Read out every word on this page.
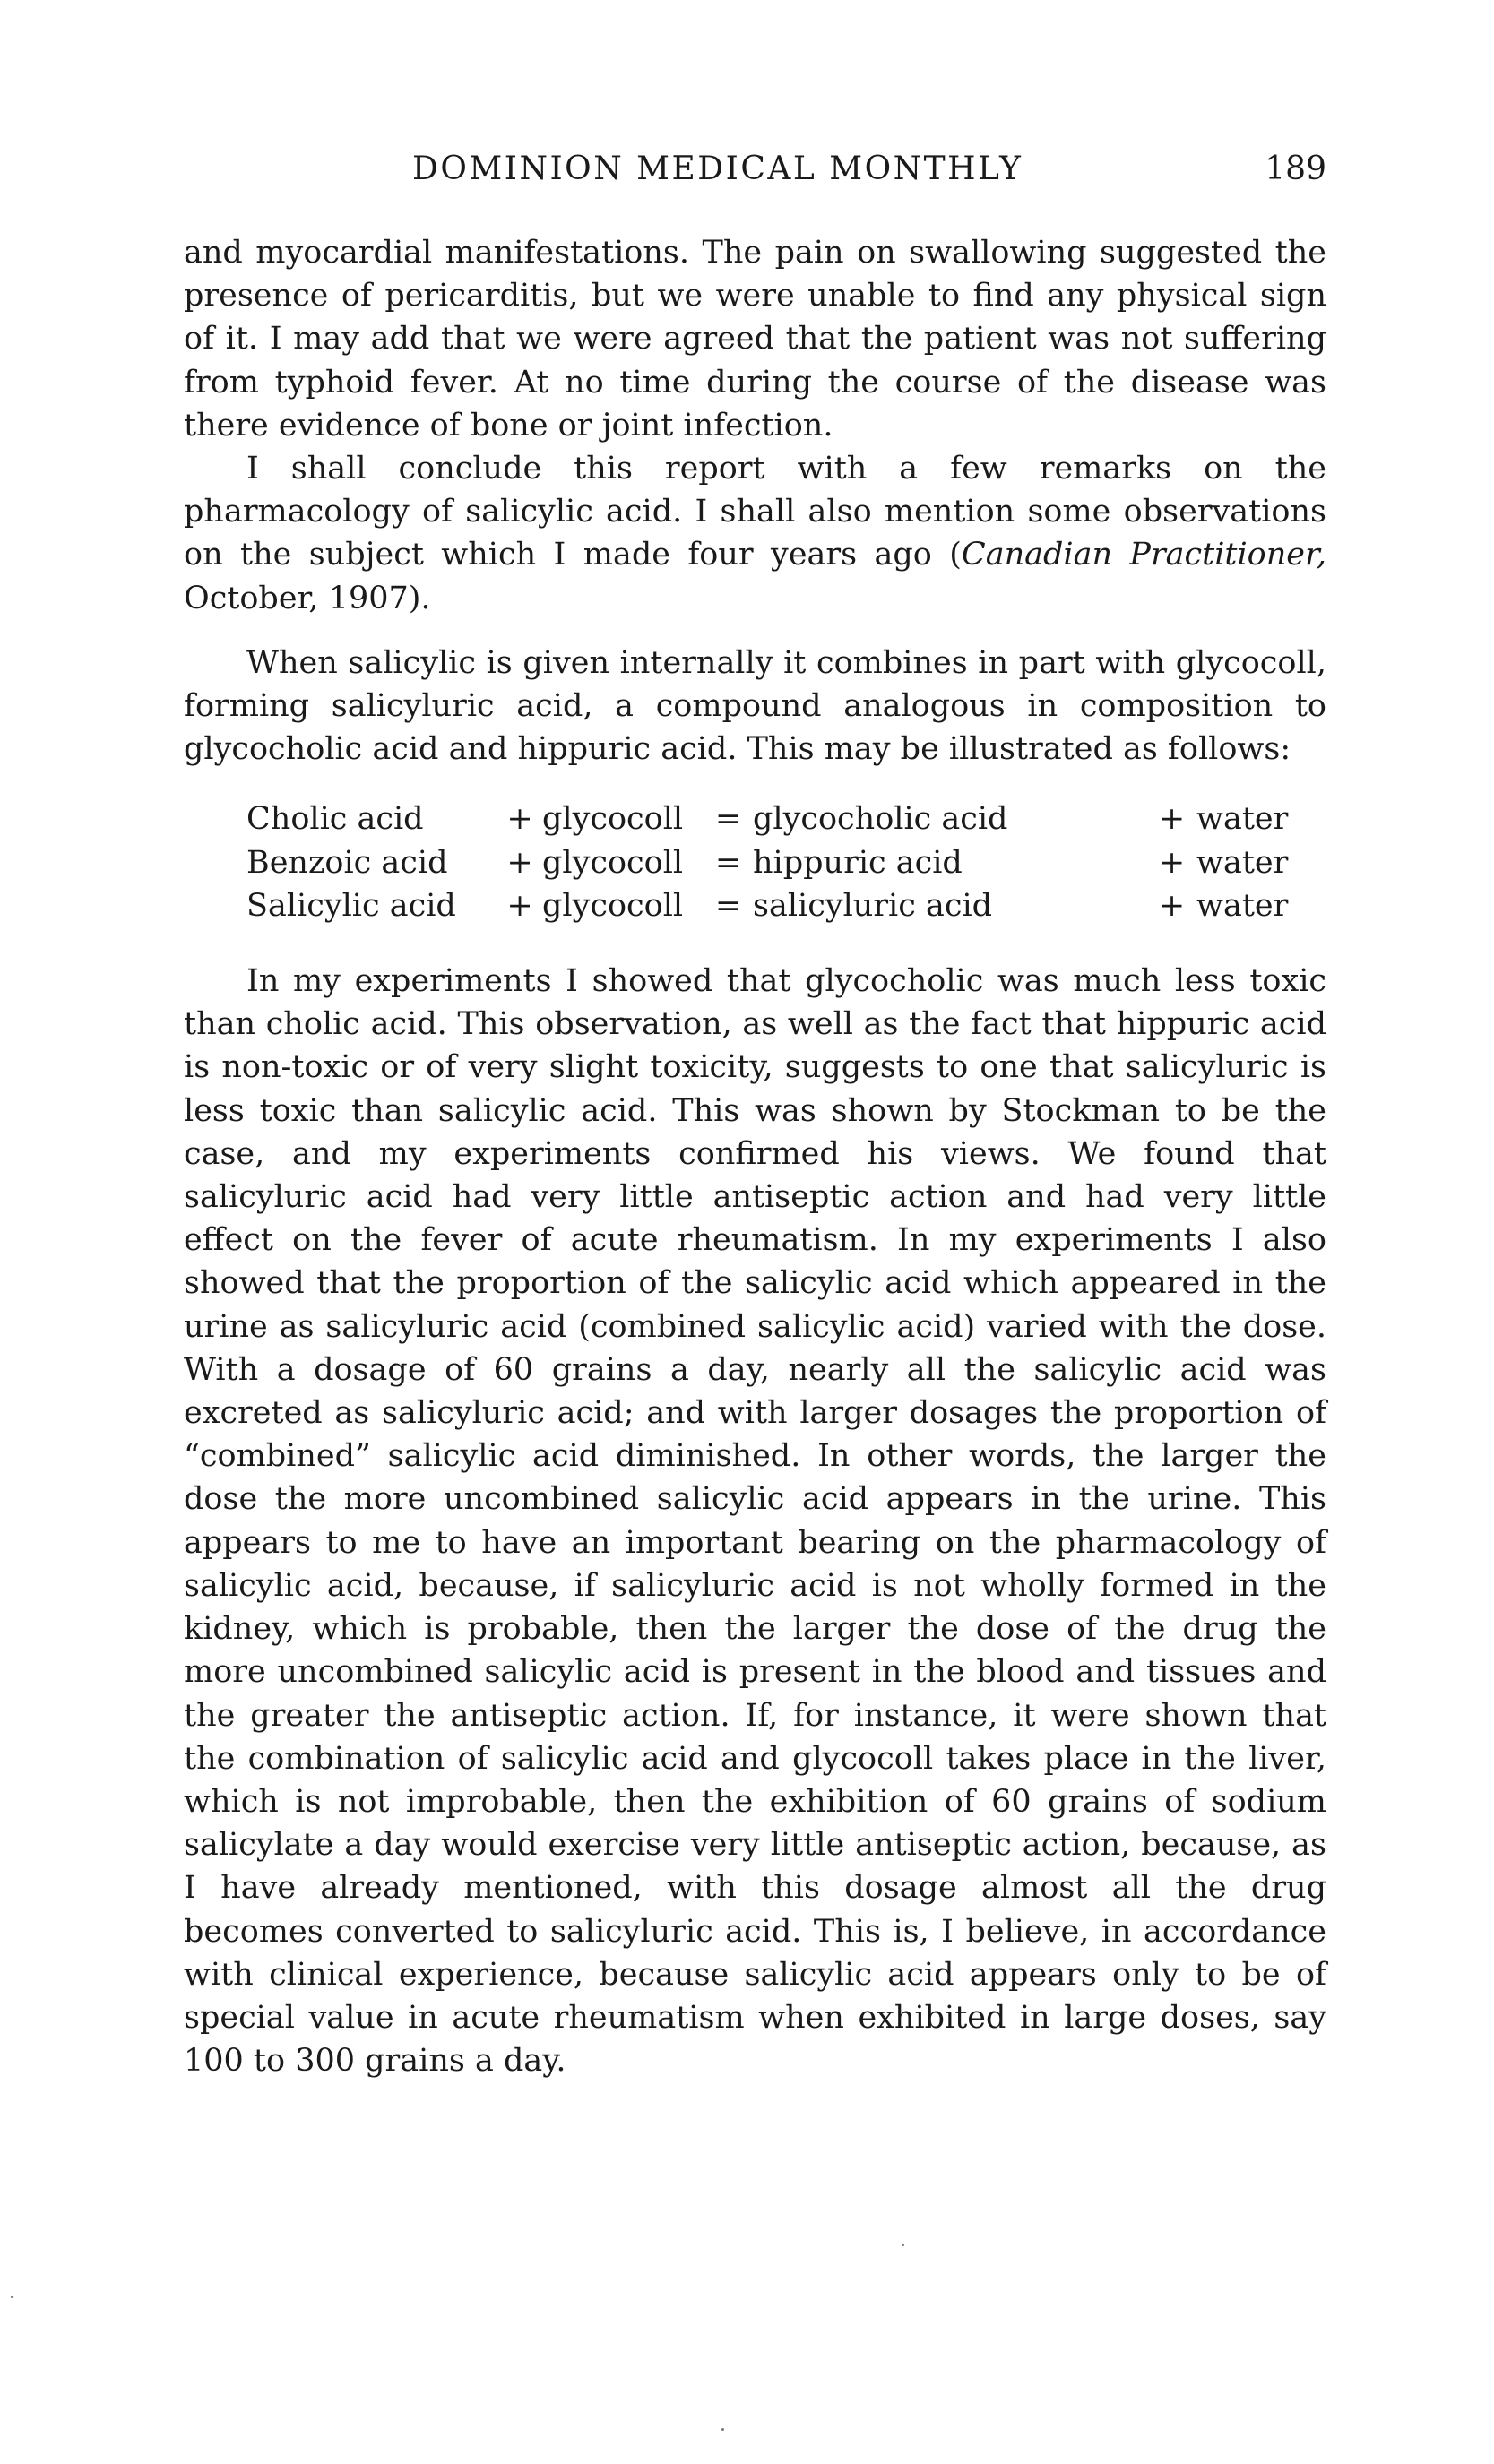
DOMINION MEDICAL MONTHLY	189

and myocardial manifestations. The pain on swallowing suggested the presence of pericarditis, but we were unable to find any physical sign of it. I may add that we were agreed that the patient was not suffering from typhoid fever. At no time during the course of the disease was there evidence of bone or joint infection.

I shall conclude this report with a few remarks on the pharmacology of salicylic acid. I shall also mention some observations on the subject which I made four years ago (Canadian Practitioner, October, 1907).

When salicylic is given internally it combines in part with glycocoll, forming salicyluric acid, a compound analogous in composition to glycocholic acid and hippuric acid. This may be illustrated as follows:

Cholic acid	+	glycocoll	=	glycocholic acid	+	water
Benzoic acid	+	glycocoll	=	hippuric acid	+	water
Salicylic acid	+	glycocoll	=	salicyluric acid	+	water

In my experiments I showed that glycocholic was much less toxic than cholic acid. This observation, as well as the fact that hippuric acid is non-toxic or of very slight toxicity, suggests to one that salicyluric is less toxic than salicylic acid. This was shown by Stockman to be the case, and my experiments confirmed his views. We found that salicyluric acid had very little antiseptic action and had very little effect on the fever of acute rheumatism. In my experiments I also showed that the proportion of the salicylic acid which appeared in the urine as salicyluric acid (combined salicylic acid) varied with the dose. With a dosage of 60 grains a day, nearly all the salicylic acid was excreted as salicyluric acid; and with larger dosages the proportion of “combined” salicylic acid diminished. In other words, the larger the dose the more uncombined salicylic acid appears in the urine. This appears to me to have an important bearing on the pharmacology of salicylic acid, because, if salicyluric acid is not wholly formed in the kidney, which is probable, then the larger the dose of the drug the more uncombined salicylic acid is present in the blood and tissues and the greater the antiseptic action. If, for instance, it were shown that the combination of salicylic acid and glycocoll takes place in the liver, which is not improbable, then the exhibition of 60 grains of sodium salicylate a day would exercise very little antiseptic action, because, as I have already mentioned, with this dosage almost all the drug becomes converted to salicyluric acid. This is, I believe, in accordance with clinical experience, because salicylic acid appears only to be of special value in acute rheumatism when exhibited in large doses, say 100 to 300 grains a day.
